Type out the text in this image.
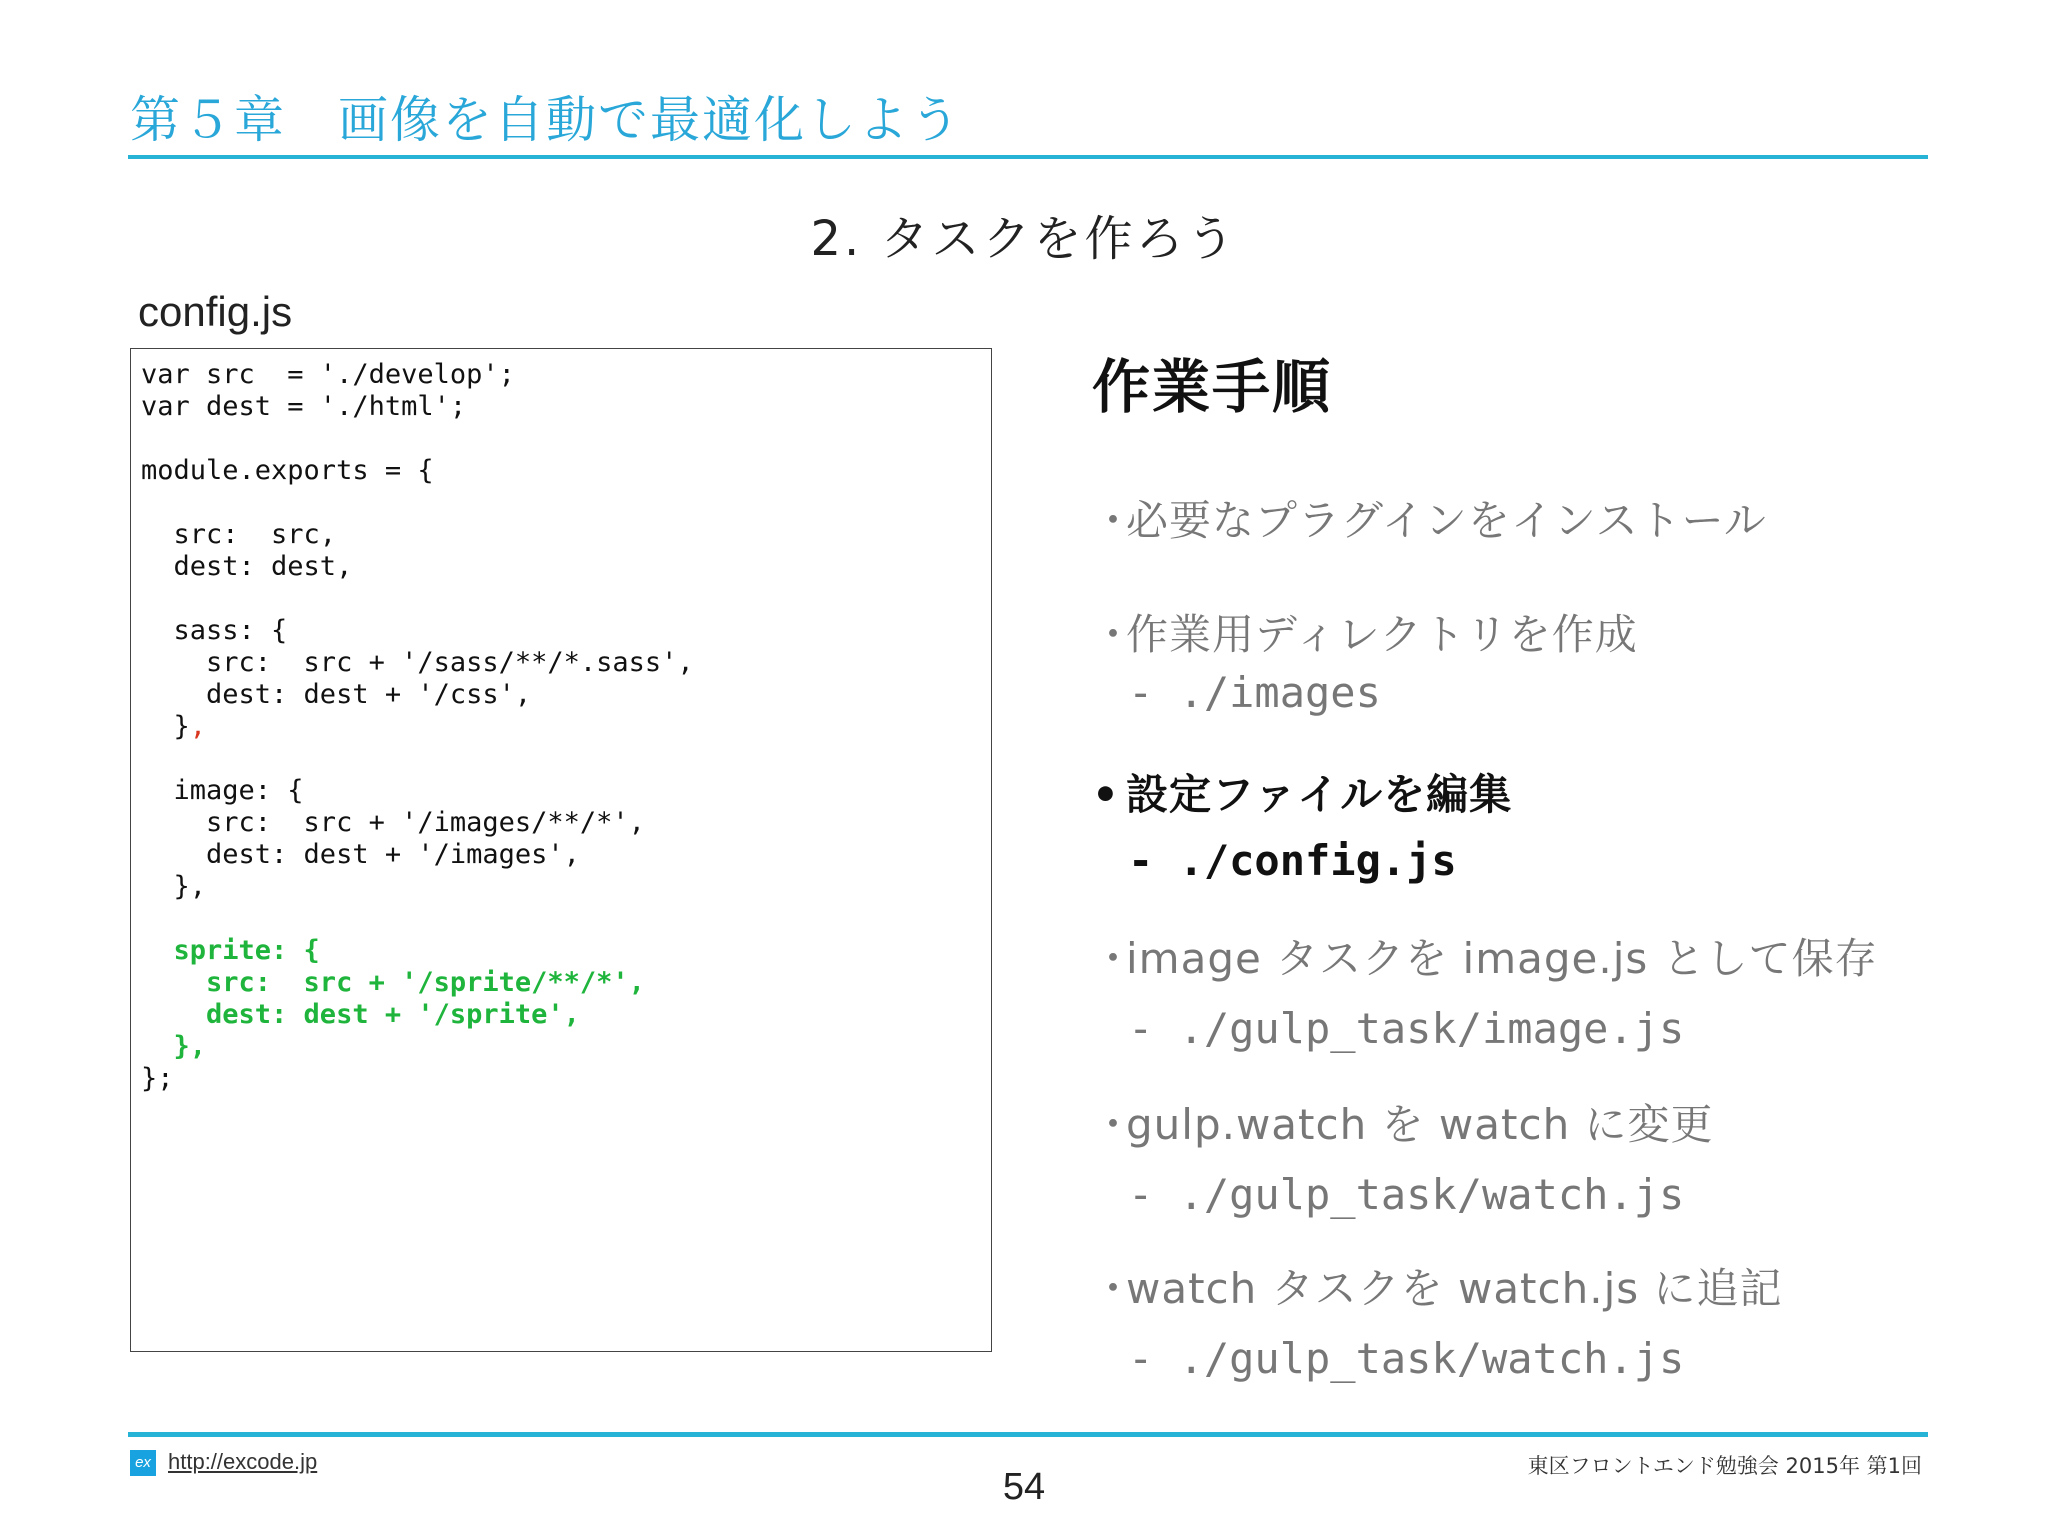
第５章　画像を自動で最適化しよう
2. タスクを作ろう
config.js
var src  = './develop';
var dest = './html';

module.exports = {

src:  src,
dest: dest,

sass: {
src:  src + '/sass/**/*.sass',
dest: dest + '/css',
},

image: {
src:  src + '/images/**/*',
dest: dest + '/images',
},

sprite: {
src:  src + '/sprite/**/*',
dest: dest + '/sprite',
},
};
作業手順
・必要なプラグインをインストール
・作業用ディレクトリを作成
- ./images
• 設定ファイルを編集
- ./config.js
・image タスクを image.js として保存
- ./gulp_task/image.js
・gulp.watch を watch に変更
- ./gulp_task/watch.js
・watch タスクを watch.js に追記
- ./gulp_task/watch.js
ex http://excode.jp
54	東区フロントエンド勉強会 2015年 第1回
